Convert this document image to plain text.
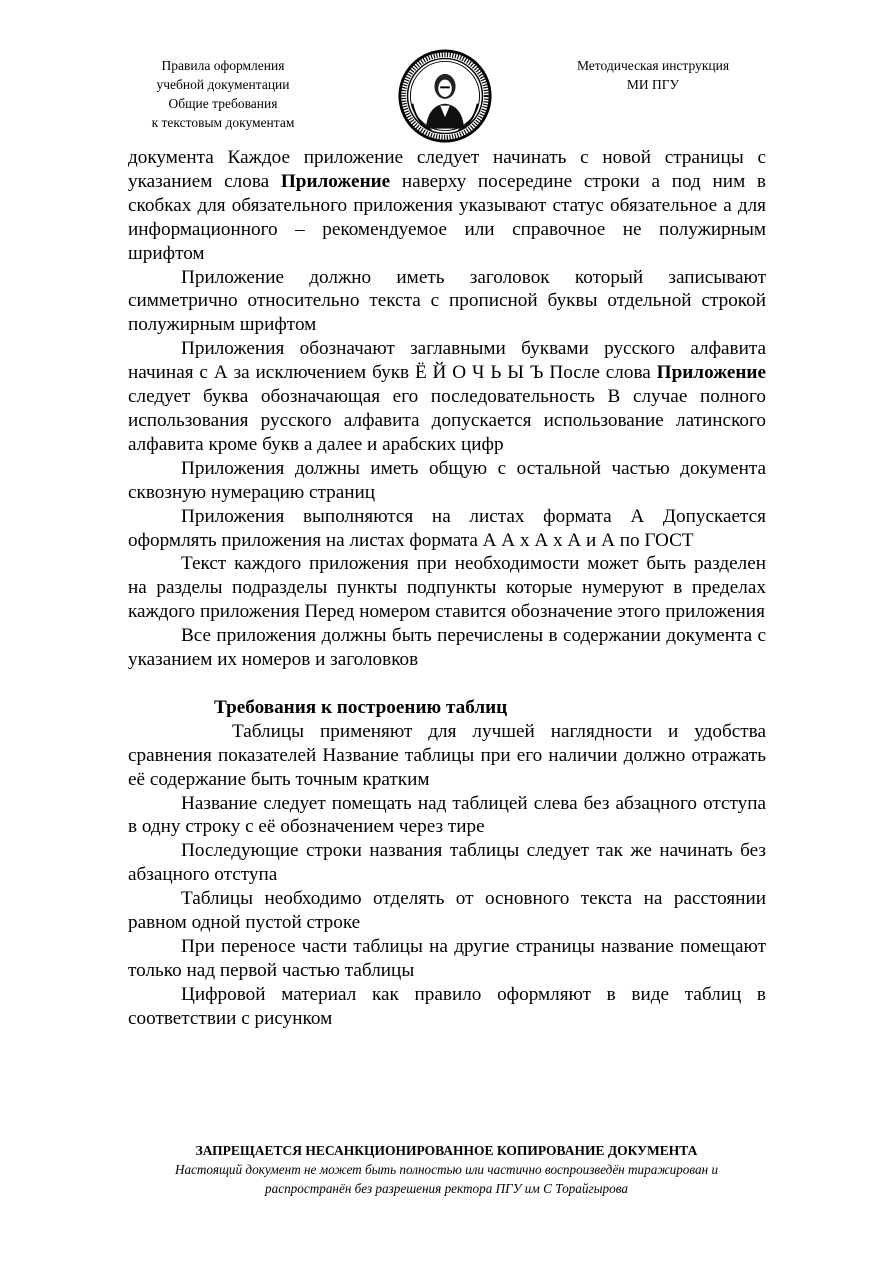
Правила оформления
учебной документации
Общие требования
к текстовым документам
Методическая инструкция
МИ ПГУ

документа Каждое приложение следует начинать с новой страницы с указанием слова Приложение наверху посередине строки а под ним в скобках для обязательного приложения указывают статус обязательное а для информационного – рекомендуемое или справочное не полужирным шрифтом

Приложение должно иметь заголовок который записывают симметрично относительно текста с прописной буквы отдельной строкой полужирным шрифтом

Приложения обозначают заглавными буквами русского алфавита начиная с А за исключением букв Ё Й О Ч Ь Ы Ъ После слова Приложение следует буква обозначающая его последовательность В случае полного использования русского алфавита допускается использование латинского алфавита кроме букв а далее и арабских цифр

Приложения должны иметь общую с остальной частью документа сквозную нумерацию страниц

Приложения выполняются на листах формата А Допускается оформлять приложения на листах формата А А х А х А и А по ГОСТ

Текст каждого приложения при необходимости может быть разделен на разделы подразделы пункты подпункты которые нумеруют в пределах каждого приложения Перед номером ставится обозначение этого приложения

Все приложения должны быть перечислены в содержании документа с указанием их номеров и заголовков

Требования к построению таблиц

Таблицы применяют для лучшей наглядности и удобства сравнения показателей Название таблицы при его наличии должно отражать её содержание быть точным кратким

Название следует помещать над таблицей слева без абзацного отступа в одну строку с её обозначением через тире

Последующие строки названия таблицы следует так же начинать без абзацного отступа

Таблицы необходимо отделять от основного текста на расстоянии равном одной пустой строке

При переносе части таблицы на другие страницы название помещают только над первой частью таблицы

Цифровой материал как правило оформляют в виде таблиц в соответствии с рисунком

ЗАПРЕЩАЕТСЯ НЕСАНКЦИОНИРОВАННОЕ КОПИРОВАНИЕ ДОКУМЕНТА
Настоящий документ не может быть полностью или частично воспроизведён тиражирован и
распространён без разрешения ректора ПГУ им С Торайгырова
